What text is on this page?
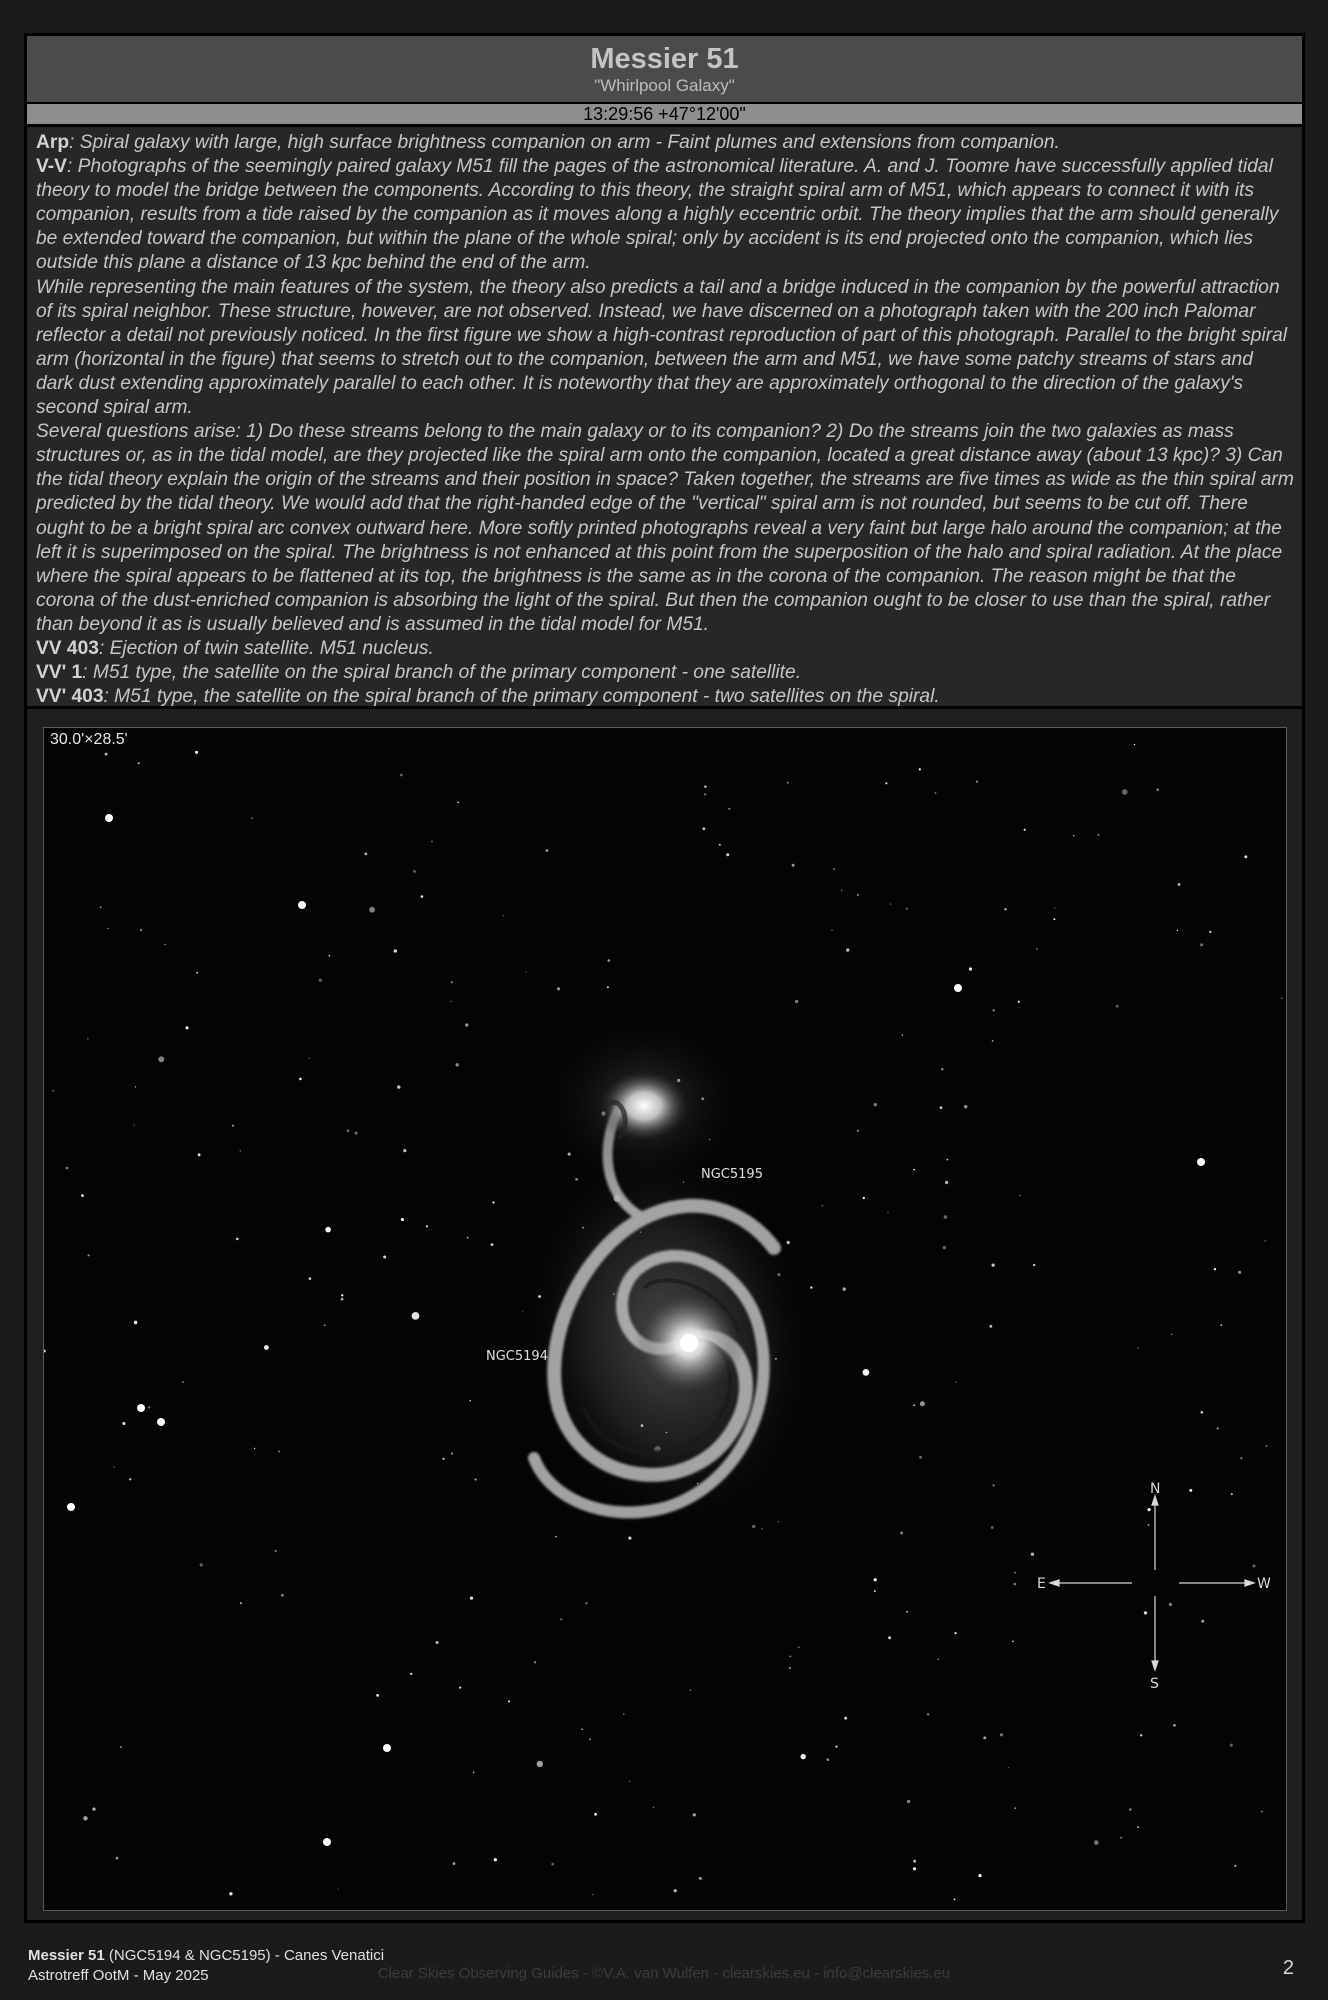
Messier 51
"Whirlpool Galaxy"
13:29:56 +47°12'00"

Arp: Spiral galaxy with large, high surface brightness companion on arm - Faint plumes and extensions from companion.

V-V: Photographs of the seemingly paired galaxy M51 fill the pages of the astronomical literature. A. and J. Toomre have successfully applied tidal theory to model the bridge between the components. According to this theory, the straight spiral arm of M51, which appears to connect it with its companion, results from a tide raised by the companion as it moves along a highly eccentric orbit. The theory implies that the arm should generally be extended toward the companion, but within the plane of the whole spiral; only by accident is its end projected onto the companion, which lies outside this plane a distance of 13 kpc behind the end of the arm.

While representing the main features of the system, the theory also predicts a tail and a bridge induced in the companion by the powerful attraction of its spiral neighbor. These structure, however, are not observed. Instead, we have discerned on a photograph taken with the 200 inch Palomar reflector a detail not previously noticed. In the first figure we show a high-contrast reproduction of part of this photograph. Parallel to the bright spiral arm (horizontal in the figure) that seems to stretch out to the companion, between the arm and M51, we have some patchy streams of stars and dark dust extending approximately parallel to each other. It is noteworthy that they are approximately orthogonal to the direction of the galaxy's second spiral arm.

Several questions arise: 1) Do these streams belong to the main galaxy or to its companion? 2) Do the streams join the two galaxies as mass structures or, as in the tidal model, are they projected like the spiral arm onto the companion, located a great distance away (about 13 kpc)? 3) Can the tidal theory explain the origin of the streams and their position in space? Taken together, the streams are five times as wide as the thin spiral arm predicted by the tidal theory. We would add that the right-handed edge of the "vertical" spiral arm is not rounded, but seems to be cut off. There ought to be a bright spiral arc convex outward here. More softly printed photographs reveal a very faint but large halo around the companion; at the left it is superimposed on the spiral. The brightness is not enhanced at this point from the superposition of the halo and spiral radiation. At the place where the spiral appears to be flattened at its top, the brightness is the same as in the corona of the companion. The reason might be that the corona of the dust-enriched companion is absorbing the light of the spiral. But then the companion ought to be closer to use than the spiral, rather than beyond it as is usually believed and is assumed in the tidal model for M51.

VV 403: Ejection of twin satellite. M51 nucleus.

VV' 1: M51 type, the satellite on the spiral branch of the primary component - one satellite.

VV' 403: M51 type, the satellite on the spiral branch of the primary component - two satellites on the spiral.

NGC5195
NGC5194
N
S
E	W
30.0'×28.5'
Messier 51 (NGC5194 & NGC5195) - Canes Venatici
Astrotreff OotM - May 2025	Clear Skies Observing Guides - ©V.A. van Wulfen - clearskies.eu - info@clearskies.eu	2
